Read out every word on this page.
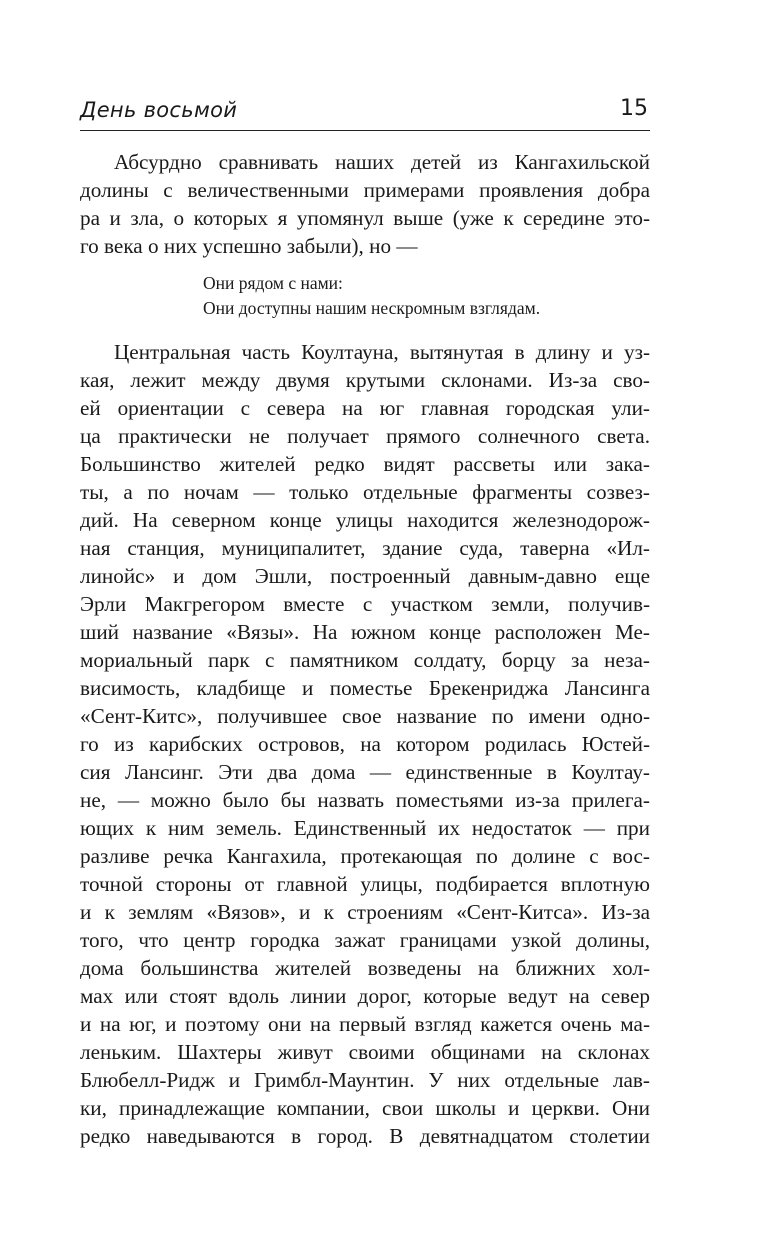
День восьмой	15
Абсурдно сравнивать наших детей из Кангахильской
долины с величественными примерами проявления добра
ра и зла, о которых я упомянул выше (уже к середине это-
го века о них успешно забыли), но —
Они рядом с нами:
Они доступны нашим нескромным взглядам.
Центральная часть Коултауна, вытянутая в длину и уз-
кая, лежит между двумя крутыми склонами. Из-за сво-
ей ориентации с севера на юг главная городская ули-
ца практически не получает прямого солнечного света.
Большинство жителей редко видят рассветы или зака-
ты, а по ночам — только отдельные фрагменты созвез-
дий. На северном конце улицы находится железнодорож-
ная станция, муниципалитет, здание суда, таверна «Ил-
линойс» и дом Эшли, построенный давным-давно еще
Эрли Макгрегором вместе с участком земли, получив-
ший название «Вязы». На южном конце расположен Ме-
мориальный парк с памятником солдату, борцу за неза-
висимость, кладбище и поместье Брекенриджа Лансинга
«Сент-Китс», получившее свое название по имени одно-
го из карибских островов, на котором родилась Юстей-
сия Лансинг. Эти два дома — единственные в Коултау-
не, — можно было бы назвать поместьями из-за прилега-
ющих к ним земель. Единственный их недостаток — при
разливе речка Кангахила, протекающая по долине с вос-
точной стороны от главной улицы, подбирается вплотную
и к землям «Вязов», и к строениям «Сент-Китса». Из-за
того, что центр городка зажат границами узкой долины,
дома большинства жителей возведены на ближних хол-
мах или стоят вдоль линии дорог, которые ведут на север
и на юг, и поэтому они на первый взгляд кажется очень ма-
леньким. Шахтеры живут своими общинами на склонах
Блюбелл-Ридж и Гримбл-Маунтин. У них отдельные лав-
ки, принадлежащие компании, свои школы и церкви. Они
редко наведываются в город. В девятнадцатом столетии
